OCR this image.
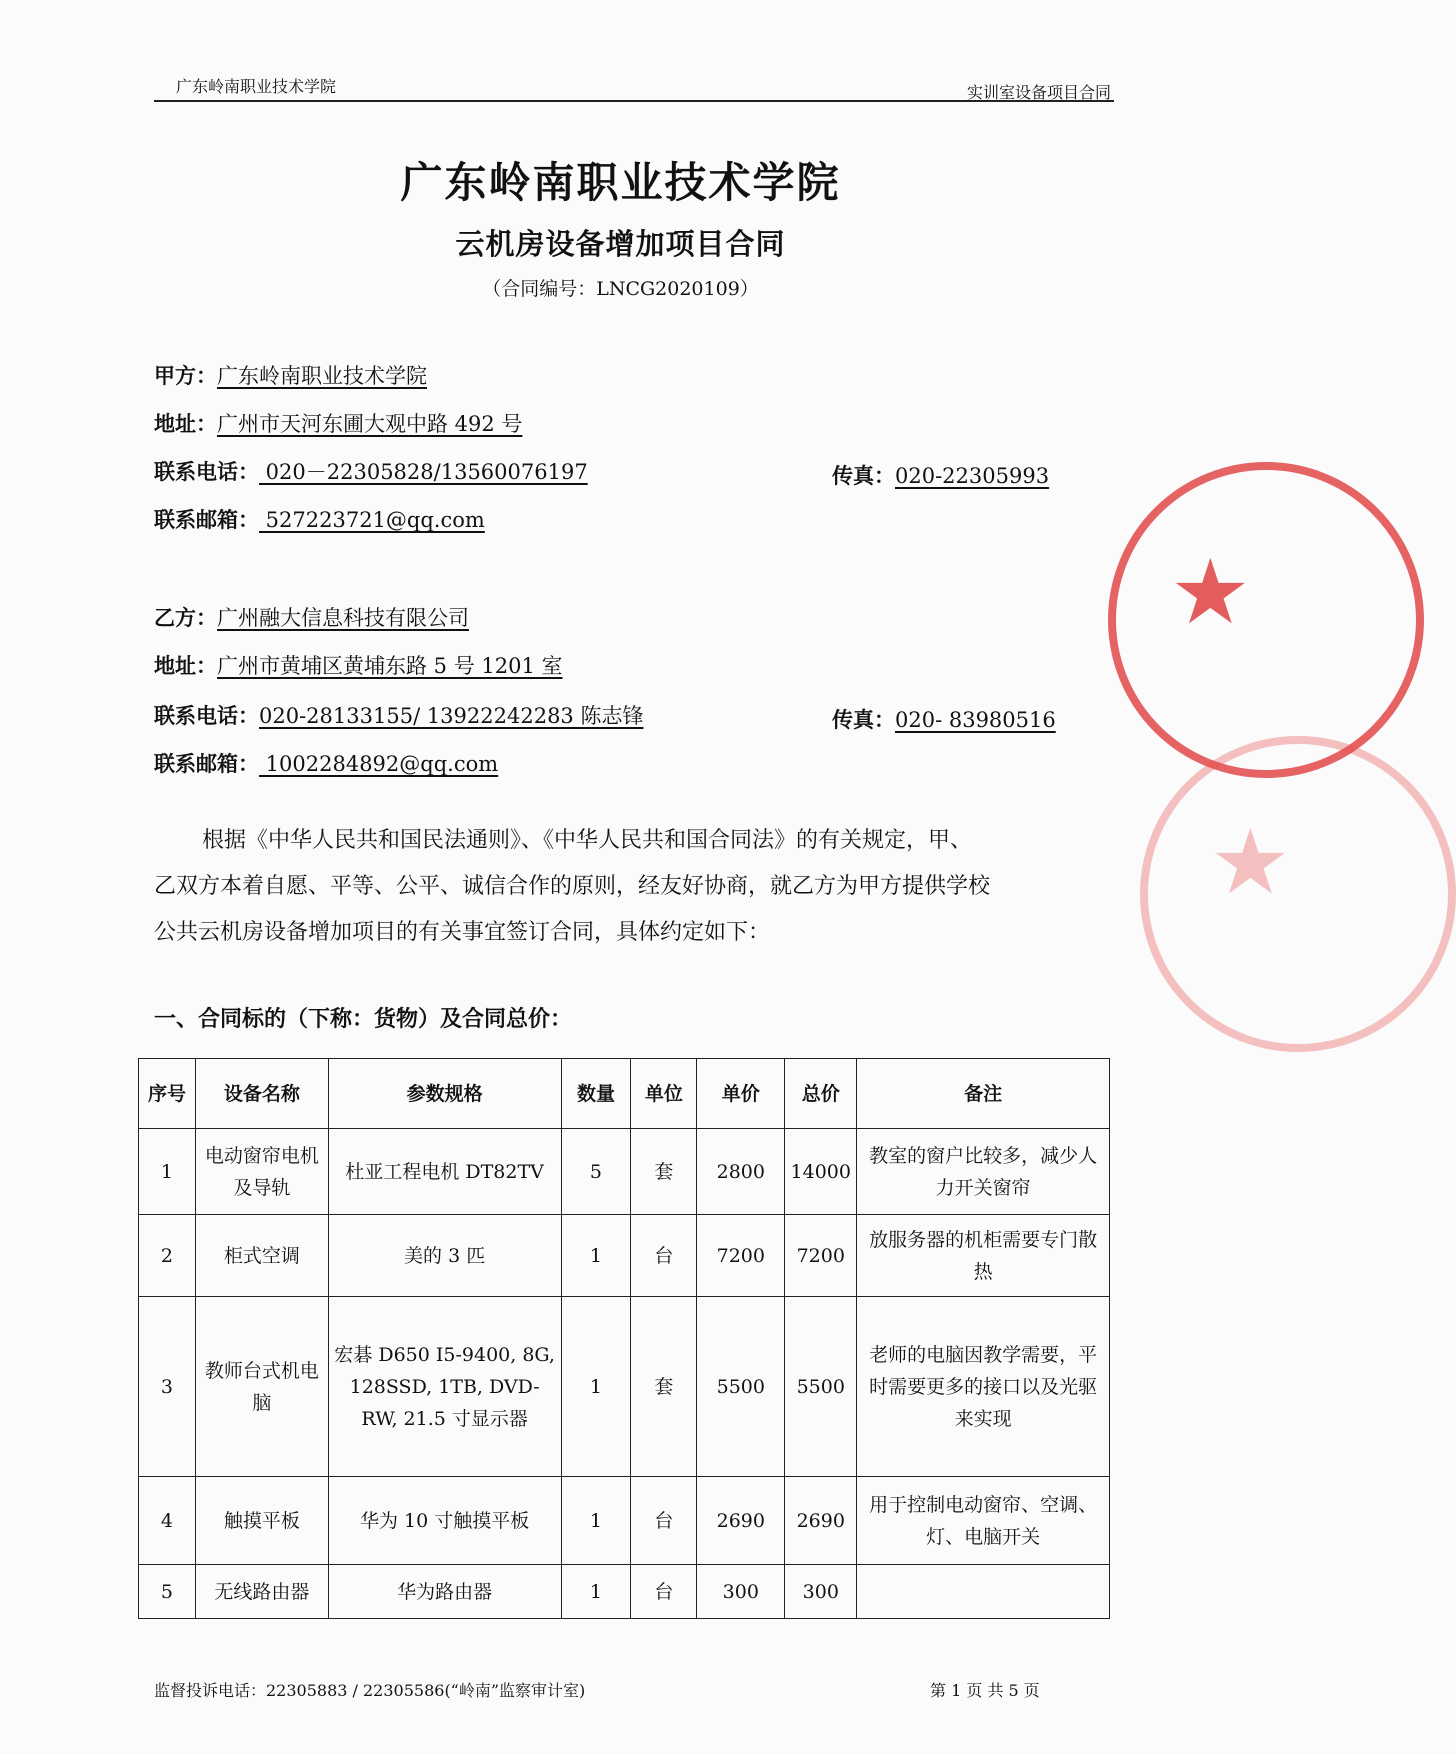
广东岭南职业技术学院	实训室设备项目合同
广东岭南职业技术学院
云机房设备增加项目合同
（合同编号：LNCG2020109）
甲方：广东岭南职业技术学院
地址：广州市天河东圃大观中路 492 号
联系电话： 020－22305828/13560076197	传真：020-22305993
联系邮箱： 527223721@qq.com
乙方：广州融大信息科技有限公司
地址：广州市黄埔区黄埔东路 5 号 1201 室
联系电话：020-28133155/ 13922242283 陈志锋	传真：020- 83980516
联系邮箱： 1002284892@qq.com
根据《中华人民共和国民法通则》、《中华人民共和国合同法》的有关规定，甲、
乙双方本着自愿、平等、公平、诚信合作的原则，经友好协商，就乙方为甲方提供学校
公共云机房设备增加项目的有关事宜签订合同，具体约定如下：
一、合同标的（下称：货物）及合同总价：
序号	设备名称	参数规格	数量	单位	单价	总价	备注
1	电动窗帘电机及导轨	杜亚工程电机 DT82TV	5	套	2800	14000	教室的窗户比较多，减少人力开关窗帘
2	柜式空调	美的 3 匹	1	台	7200	7200	放服务器的机柜需要专门散热
3	教师台式机电脑	宏碁 D650 I5-9400, 8G, 128SSD, 1TB, DVD-RW, 21.5 寸显示器	1	套	5500	5500	老师的电脑因教学需要，平时需要更多的接口以及光驱来实现
4	触摸平板	华为 10 寸触摸平板	1	台	2690	2690	用于控制电动窗帘、空调、灯、电脑开关
5	无线路由器	华为路由器	1	台	300	300	
监督投诉电话：22305883 / 22305586(“岭南”监察审计室)	第 1 页 共 5 页
★
★
